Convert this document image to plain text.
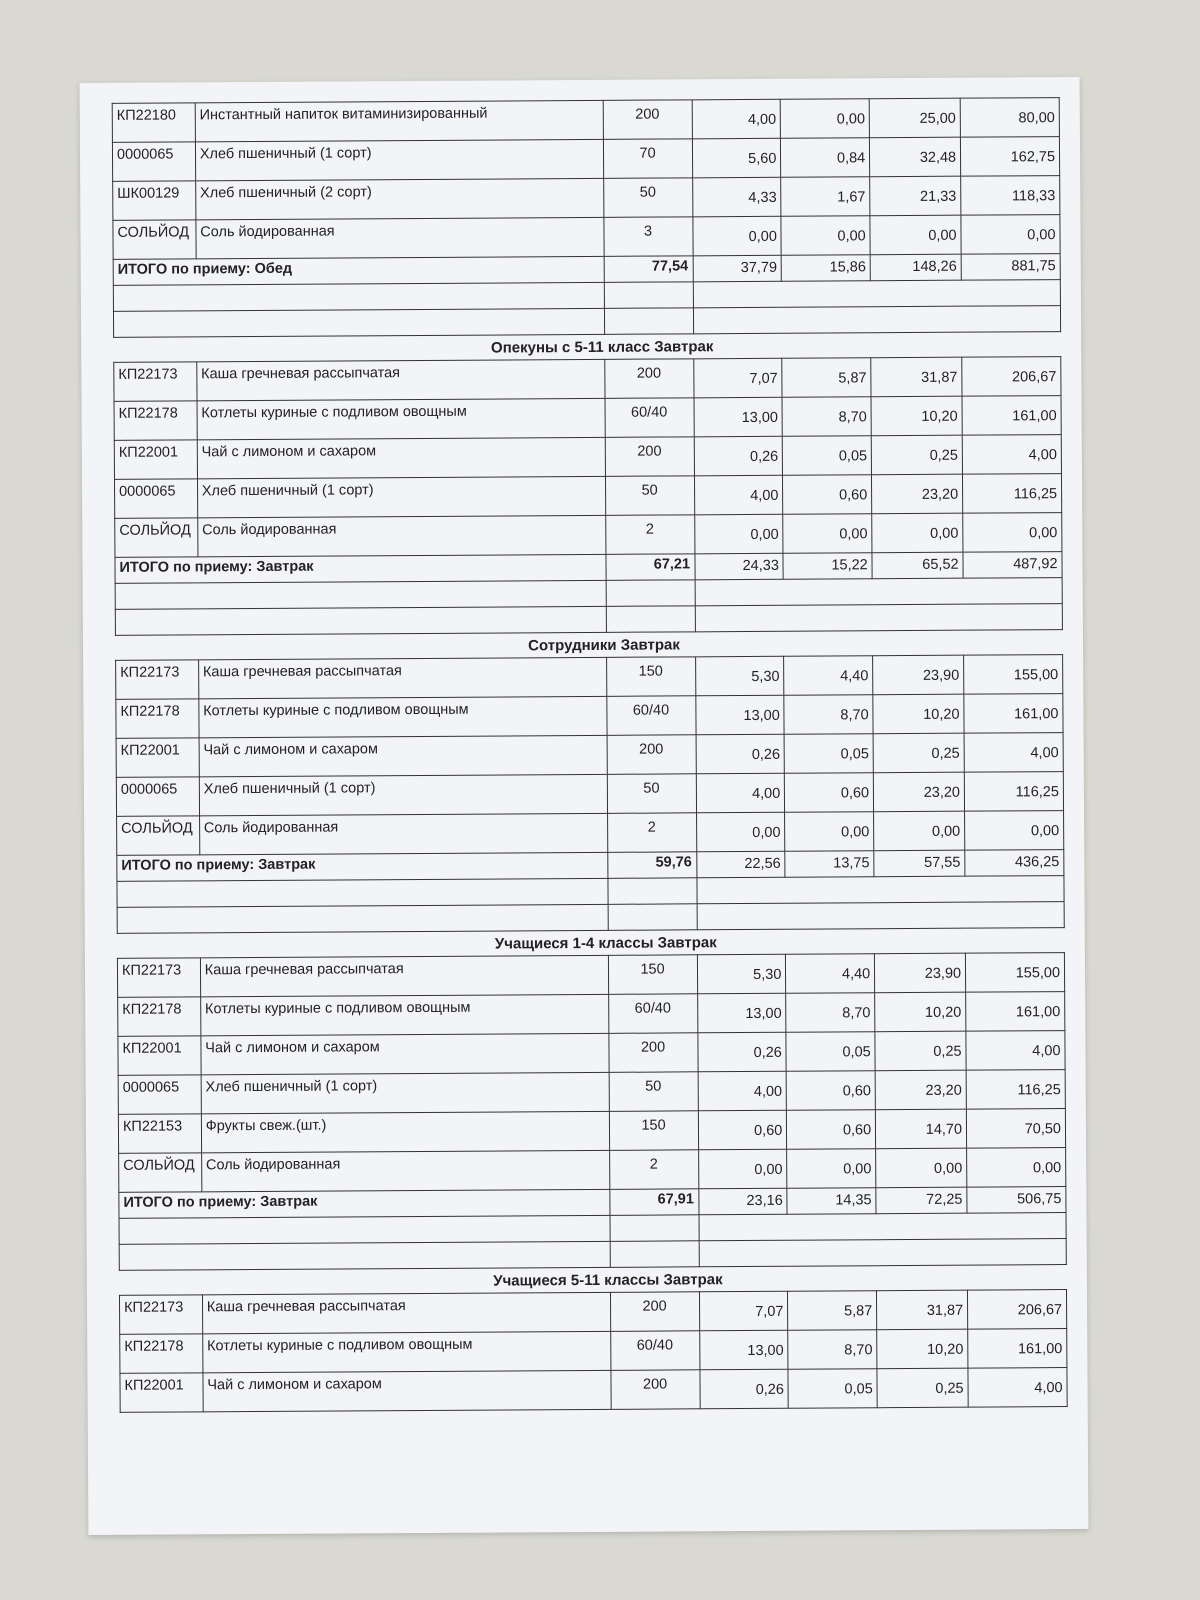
КП22180	Инстантный напиток витаминизированный	200	4,00	0,00	25,00	80,00
0000065	Хлеб пшеничный (1 сорт)	70	5,60	0,84	32,48	162,75
ШК00129	Хлеб пшеничный (2 сорт)	50	4,33	1,67	21,33	118,33
СОЛЬЙОД	Соль йодированная	3	0,00	0,00	0,00	0,00
ИТОГО по приему: Обед		77,54	37,79	15,86	148,26	881,75

Опекуны с 5-11 класс Завтрак
КП22173	Каша гречневая рассыпчатая	200	7,07	5,87	31,87	206,67
КП22178	Котлеты куриные с подливом овощным	60/40	13,00	8,70	10,20	161,00
КП22001	Чай с лимоном и сахаром	200	0,26	0,05	0,25	4,00
0000065	Хлеб пшеничный (1 сорт)	50	4,00	0,60	23,20	116,25
СОЛЬЙОД	Соль йодированная	2	0,00	0,00	0,00	0,00
ИТОГО по приему: Завтрак		67,21	24,33	15,22	65,52	487,92

Сотрудники Завтрак
КП22173	Каша гречневая рассыпчатая	150	5,30	4,40	23,90	155,00
КП22178	Котлеты куриные с подливом овощным	60/40	13,00	8,70	10,20	161,00
КП22001	Чай с лимоном и сахаром	200	0,26	0,05	0,25	4,00
0000065	Хлеб пшеничный (1 сорт)	50	4,00	0,60	23,20	116,25
СОЛЬЙОД	Соль йодированная	2	0,00	0,00	0,00	0,00
ИТОГО по приему: Завтрак		59,76	22,56	13,75	57,55	436,25

Учащиеся 1-4 классы Завтрак
КП22173	Каша гречневая рассыпчатая	150	5,30	4,40	23,90	155,00
КП22178	Котлеты куриные с подливом овощным	60/40	13,00	8,70	10,20	161,00
КП22001	Чай с лимоном и сахаром	200	0,26	0,05	0,25	4,00
0000065	Хлеб пшеничный (1 сорт)	50	4,00	0,60	23,20	116,25
КП22153	Фрукты свеж.(шт.)	150	0,60	0,60	14,70	70,50
СОЛЬЙОД	Соль йодированная	2	0,00	0,00	0,00	0,00
ИТОГО по приему: Завтрак		67,91	23,16	14,35	72,25	506,75

Учащиеся 5-11 классы Завтрак
КП22173	Каша гречневая рассыпчатая	200	7,07	5,87	31,87	206,67
КП22178	Котлеты куриные с подливом овощным	60/40	13,00	8,70	10,20	161,00
КП22001	Чай с лимоном и сахаром	200	0,26	0,05	0,25	4,00
